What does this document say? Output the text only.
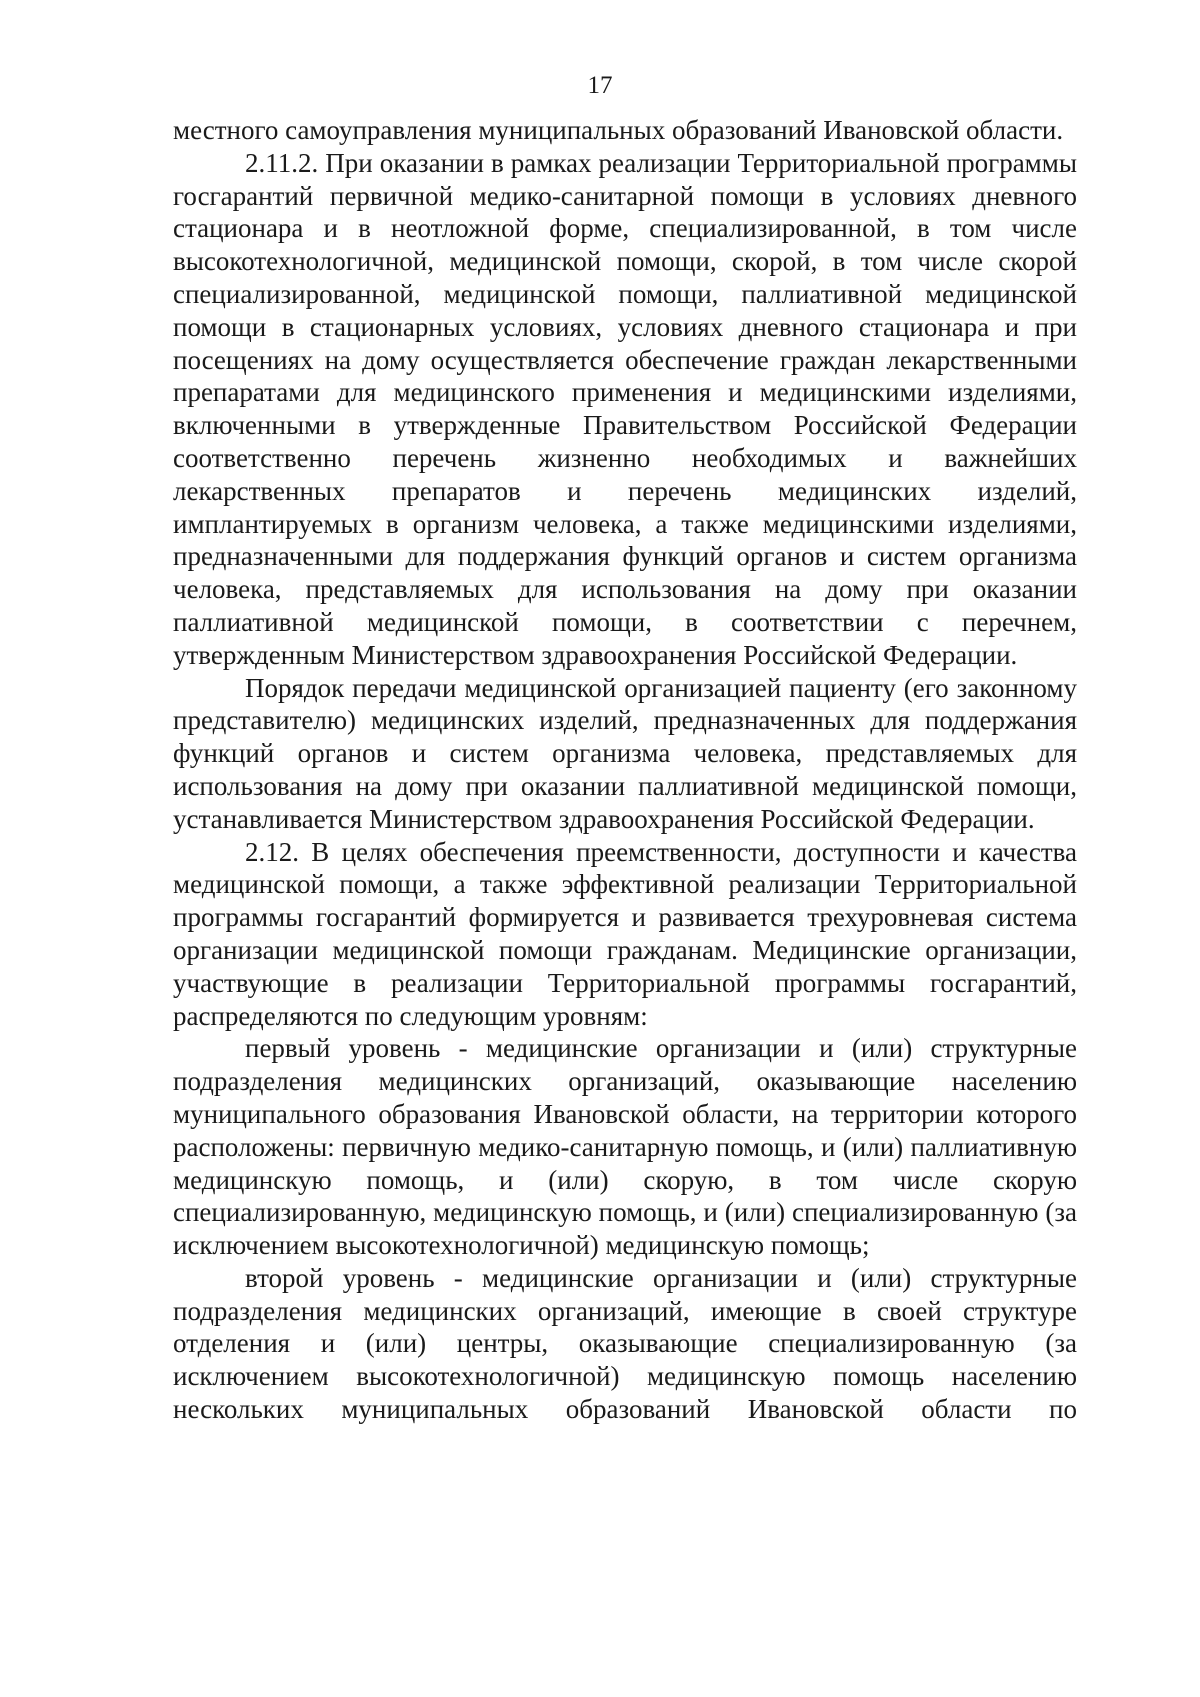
17

местного самоуправления муниципальных образований Ивановской области.

2.11.2. При оказании в рамках реализации Территориальной программы госгарантий первичной медико-санитарной помощи в условиях дневного стационара и в неотложной форме, специализированной, в том числе высокотехнологичной, медицинской помощи, скорой, в том числе скорой специализированной, медицинской помощи, паллиативной медицинской помощи в стационарных условиях, условиях дневного стационара и при посещениях на дому осуществляется обеспечение граждан лекарственными препаратами для медицинского применения и медицинскими изделиями, включенными в утвержденные Правительством Российской Федерации соответственно перечень жизненно необходимых и важнейших лекарственных препаратов и перечень медицинских изделий, имплантируемых в организм человека, а также медицинскими изделиями, предназначенными для поддержания функций органов и систем организма человека, представляемых для использования на дому при оказании паллиативной медицинской помощи, в соответствии с перечнем, утвержденным Министерством здравоохранения Российской Федерации.

Порядок передачи медицинской организацией пациенту (его законному представителю) медицинских изделий, предназначенных для поддержания функций органов и систем организма человека, представляемых для использования на дому при оказании паллиативной медицинской помощи, устанавливается Министерством здравоохранения Российской Федерации.

2.12. В целях обеспечения преемственности, доступности и качества медицинской помощи, а также эффективной реализации Территориальной программы госгарантий формируется и развивается трехуровневая система организации медицинской помощи гражданам. Медицинские организации, участвующие в реализации Территориальной программы госгарантий, распределяются по следующим уровням:

первый уровень - медицинские организации и (или) структурные подразделения медицинских организаций, оказывающие населению муниципального образования Ивановской области, на территории которого расположены: первичную медико-санитарную помощь, и (или) паллиативную медицинскую помощь, и (или) скорую, в том числе скорую специализированную, медицинскую помощь, и (или) специализированную (за исключением высокотехнологичной) медицинскую помощь;

второй уровень - медицинские организации и (или) структурные подразделения медицинских организаций, имеющие в своей структуре отделения и (или) центры, оказывающие специализированную (за исключением высокотехнологичной) медицинскую помощь населению нескольких муниципальных образований Ивановской области по
